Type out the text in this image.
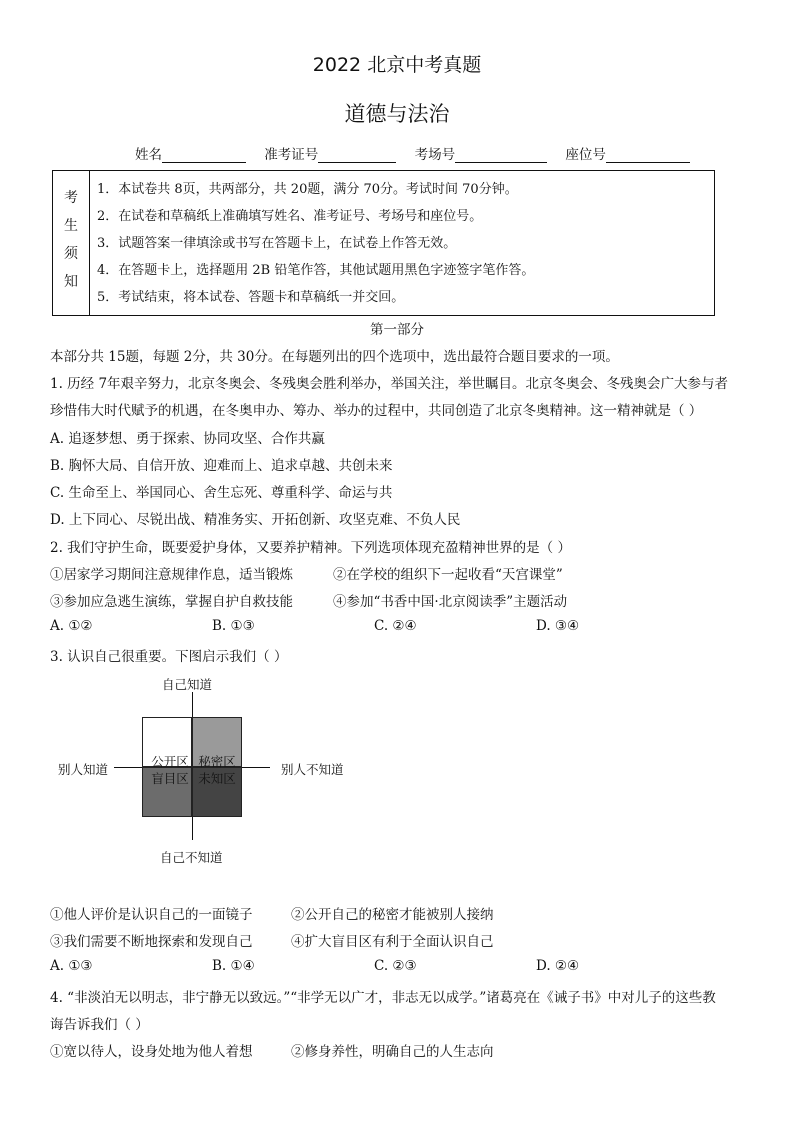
2022 北京中考真题
道德与法治
姓名	准考证号	考场号	座位号
考
生
须
知
1．本试卷共 8页，共两部分，共 20题，满分 70分。考试时间 70分钟。
2．在试卷和草稿纸上准确填写姓名、准考证号、考场号和座位号。
3．试题答案一律填涂或书写在答题卡上，在试卷上作答无效。
4．在答题卡上，选择题用 2B 铅笔作答，其他试题用黑色字迹签字笔作答。
5．考试结束，将本试卷、答题卡和草稿纸一并交回。
第一部分
本部分共 15题，每题 2分，共 30分。在每题列出的四个选项中，选出最符合题目要求的一项。
1. 历经 7年艰辛努力，北京冬奥会、冬残奥会胜利举办，举国关注，举世瞩目。北京冬奥会、冬残奥会广大参与者
珍惜伟大时代赋予的机遇，在冬奥申办、筹办、举办的过程中，共同创造了北京冬奥精神。这一精神就是（ ）
A. 追逐梦想、勇于探索、协同攻坚、合作共赢
B. 胸怀大局、自信开放、迎难而上、追求卓越、共创未来
C. 生命至上、举国同心、舍生忘死、尊重科学、命运与共
D. 上下同心、尽锐出战、精准务实、开拓创新、攻坚克难、不负人民
2. 我们守护生命，既要爱护身体，又要养护精神。下列选项体现充盈精神世界的是（ ）
①居家学习期间注意规律作息，适当锻炼	②在学校的组织下一起收看“天宫课堂”
③参加应急逃生演练，掌握自护自救技能	④参加“书香中国·北京阅读季”主题活动
A. ①②	B. ①③	C. ②④	D. ③④
3. 认识自己很重要。下图启示我们（ ）
自己知道
自己不知道
别人知道	别人不知道
公开区 秘密区
盲目区 未知区
①他人评价是认识自己的一面镜子	②公开自己的秘密才能被别人接纳
③我们需要不断地探索和发现自己	④扩大盲目区有利于全面认识自己
A. ①③	B. ①④	C. ②③	D. ②④
4. “非淡泊无以明志，非宁静无以致远。”“非学无以广才，非志无以成学。”诸葛亮在《诫子书》中对儿子的这些教
诲告诉我们（ ）
①宽以待人，设身处地为他人着想	②修身养性，明确自己的人生志向
